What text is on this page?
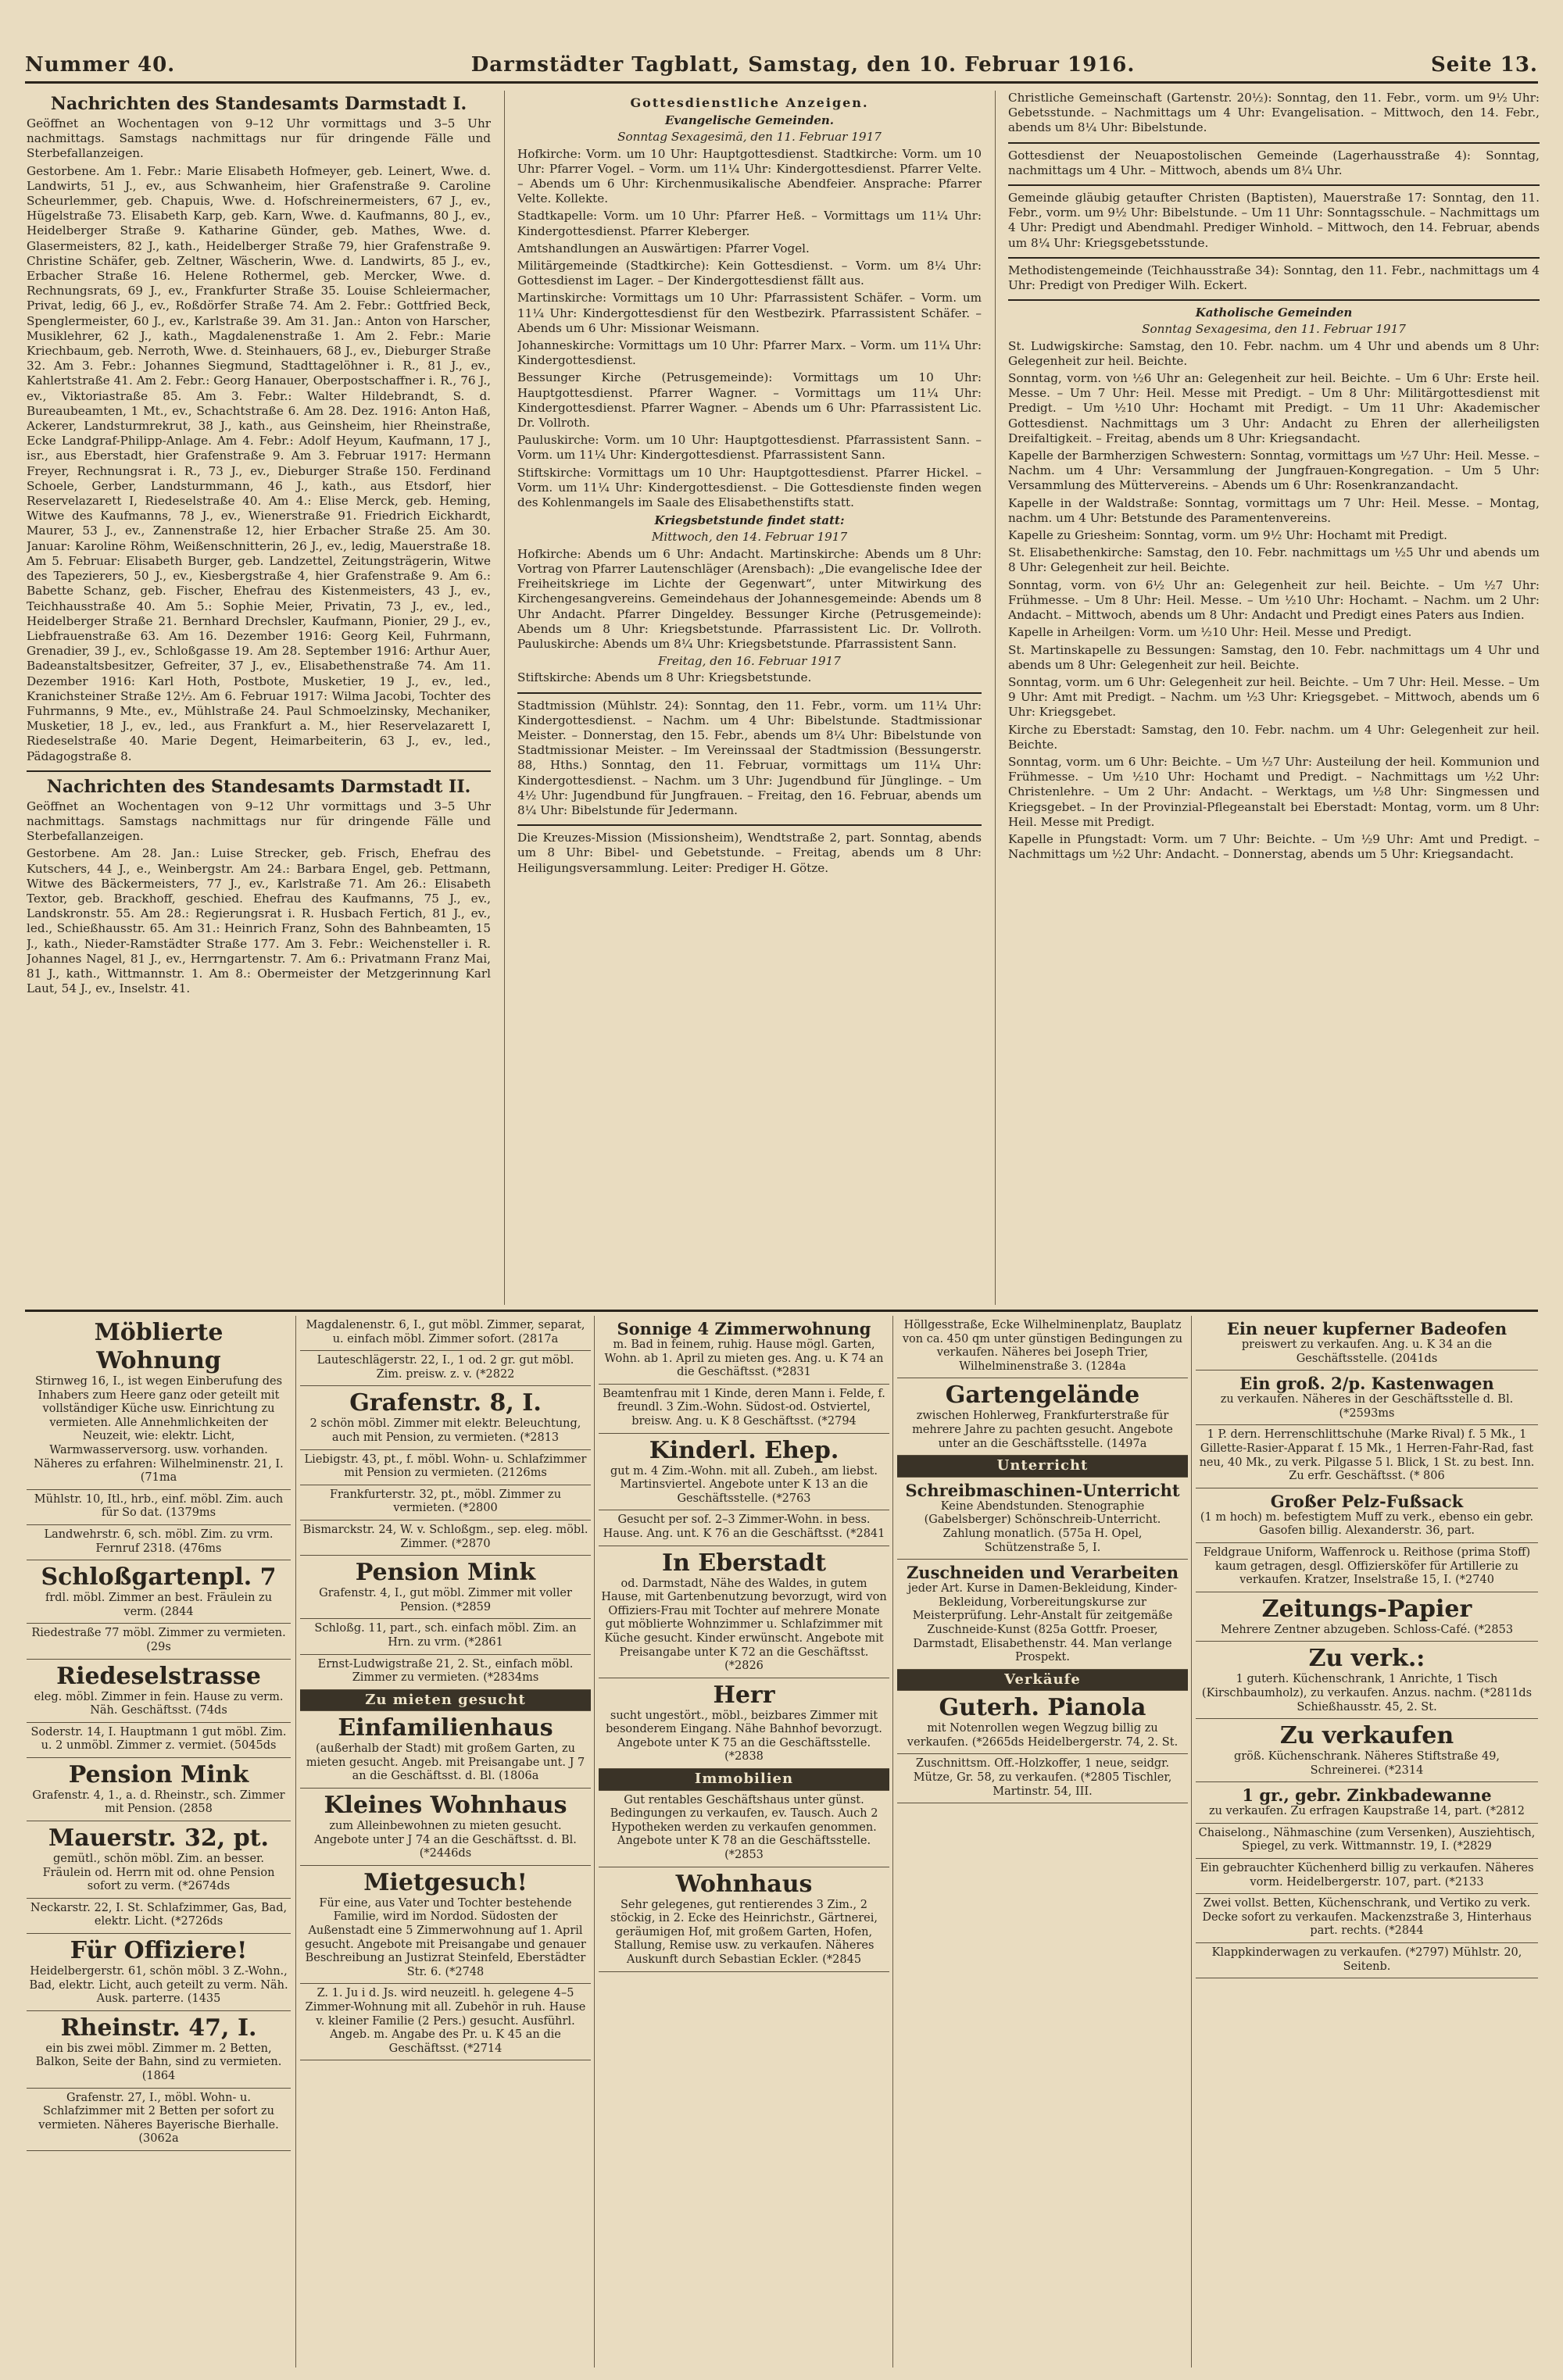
Nummer 40.	Darmstädter Tagblatt, Samstag, den 10. Februar 1916.	Seite 13.
Nachrichten des Standesamts Darmstadt I.

Geöffnet an Wochentagen von 9–12 Uhr vormittags und 3–5 Uhr nachmittags. Samstags nachmittags nur für dringende Fälle und Sterbefallanzeigen.

Gestorbene. Am 1. Febr.: Marie Elisabeth Hofmeyer, geb. Leinert, Wwe. d. Landwirts, 51 J., ev., aus Schwanheim, hier Grafenstraße 9. Caroline Scheurlemmer, geb. Chapuis, Wwe. d. Hofschreinermeisters, 67 J., ev., Hügelstraße 73. Elisabeth Karp, geb. Karn, Wwe. d. Kaufmanns, 80 J., ev., Heidelberger Straße 9. Katharine Günder, geb. Mathes, Wwe. d. Glasermeisters, 82 J., kath., Heidelberger Straße 79, hier Grafenstraße 9. Christine Schäfer, geb. Zeltner, Wäscherin, Wwe. d. Landwirts, 85 J., ev., Erbacher Straße 16. Helene Rothermel, geb. Mercker, Wwe. d. Rechnungsrats, 69 J., ev., Frankfurter Straße 35. Louise Schleiermacher, Privat, ledig, 66 J., ev., Roßdörfer Straße 74. Am 2. Febr.: Gottfried Beck, Spenglermeister, 60 J., ev., Karlstraße 39. Am 31. Jan.: Anton von Harscher, Musiklehrer, 62 J., kath., Magdalenenstraße 1. Am 2. Febr.: Marie Kriechbaum, geb. Nerroth, Wwe. d. Steinhauers, 68 J., ev., Dieburger Straße 32. Am 3. Febr.: Johannes Siegmund, Stadttagelöhner i. R., 81 J., ev., Kahlertstraße 41. Am 2. Febr.: Georg Hanauer, Oberpostschaffner i. R., 76 J., ev., Viktoriastraße 85. Am 3. Febr.: Walter Hildebrandt, S. d. Bureaubeamten, 1 Mt., ev., Schachtstraße 6. Am 28. Dez. 1916: Anton Haß, Ackerer, Landsturmrekrut, 38 J., kath., aus Geinsheim, hier Rheinstraße, Ecke Landgraf-Philipp-Anlage. Am 4. Febr.: Adolf Heyum, Kaufmann, 17 J., isr., aus Eberstadt, hier Grafenstraße 9. Am 3. Februar 1917: Hermann Freyer, Rechnungsrat i. R., 73 J., ev., Dieburger Straße 150. Ferdinand Schoele, Gerber, Landsturmmann, 46 J., kath., aus Etsdorf, hier Reservelazarett I, Riedeselstraße 40. Am 4.: Elise Merck, geb. Heming, Witwe des Kaufmanns, 78 J., ev., Wienerstraße 91. Friedrich Eickhardt, Maurer, 53 J., ev., Zannenstraße 12, hier Erbacher Straße 25. Am 30. Januar: Karoline Röhm, Weißenschnitterin, 26 J., ev., ledig, Mauerstraße 18. Am 5. Februar: Elisabeth Burger, geb. Landzettel, Zeitungsträgerin, Witwe des Tapezierers, 50 J., ev., Kiesbergstraße 4, hier Grafenstraße 9. Am 6.: Babette Schanz, geb. Fischer, Ehefrau des Kistenmeisters, 43 J., ev., Teichhausstraße 40. Am 5.: Sophie Meier, Privatin, 73 J., ev., led., Heidelberger Straße 21. Bernhard Drechsler, Kaufmann, Pionier, 29 J., ev., Liebfrauenstraße 63. Am 16. Dezember 1916: Georg Keil, Fuhrmann, Grenadier, 39 J., ev., Schloßgasse 19. Am 28. September 1916: Arthur Auer, Badeanstaltsbesitzer, Gefreiter, 37 J., ev., Elisabethenstraße 74. Am 11. Dezember 1916: Karl Hoth, Postbote, Musketier, 19 J., ev., led., Kranichsteiner Straße 12½. Am 6. Februar 1917: Wilma Jacobi, Tochter des Fuhrmanns, 9 Mte., ev., Mühlstraße 24. Paul Schmoelzinsky, Mechaniker, Musketier, 18 J., ev., led., aus Frankfurt a. M., hier Reservelazarett I, Riedeselstraße 40. Marie Degent, Heimarbeiterin, 63 J., ev., led., Pädagogstraße 8.

Nachrichten des Standesamts Darmstadt II.

Geöffnet an Wochentagen von 9–12 Uhr vormittags und 3–5 Uhr nachmittags. Samstags nachmittags nur für dringende Fälle und Sterbefallanzeigen.

Gestorbene. Am 28. Jan.: Luise Strecker, geb. Frisch, Ehefrau des Kutschers, 44 J., e., Weinbergstr. Am 24.: Barbara Engel, geb. Pettmann, Witwe des Bäckermeisters, 77 J., ev., Karlstraße 71. Am 26.: Elisabeth Textor, geb. Brackhoff, geschied. Ehefrau des Kaufmanns, 75 J., ev., Landskronstr. 55. Am 28.: Regierungsrat i. R. Husbach Fertich, 81 J., ev., led., Schießhausstr. 65. Am 31.: Heinrich Franz, Sohn des Bahnbeamten, 15 J., kath., Nieder-Ramstädter Straße 177. Am 3. Febr.: Weichensteller i. R. Johannes Nagel, 81 J., ev., Herrngartenstr. 7. Am 6.: Privatmann Franz Mai, 81 J., kath., Wittmannstr. 1. Am 8.: Obermeister der Metzgerinnung Karl Laut, 54 J., ev., Inselstr. 41.

Gottesdienstliche Anzeigen.
Evangelische Gemeinden.

Sonntag Sexagesimä, den 11. Februar 1917

Hofkirche: Vorm. um 10 Uhr: Hauptgottesdienst. Stadtkirche: Vorm. um 10 Uhr: Pfarrer Vogel. – Vorm. um 11¼ Uhr: Kindergottesdienst. Pfarrer Velte. – Abends um 6 Uhr: Kirchenmusikalische Abendfeier. Ansprache: Pfarrer Velte. Kollekte.

Stadtkapelle: Vorm. um 10 Uhr: Pfarrer Heß. – Vormittags um 11¼ Uhr: Kindergottesdienst. Pfarrer Kleberger.

Amtshandlungen an Auswärtigen: Pfarrer Vogel.

Militärgemeinde (Stadtkirche): Kein Gottesdienst. – Vorm. um 8¼ Uhr: Gottesdienst im Lager. – Der Kindergottesdienst fällt aus.

Martinskirche: Vormittags um 10 Uhr: Pfarrassistent Schäfer. – Vorm. um 11¼ Uhr: Kindergottesdienst für den Westbezirk. Pfarrassistent Schäfer. – Abends um 6 Uhr: Missionar Weismann.

Johanneskirche: Vormittags um 10 Uhr: Pfarrer Marx. – Vorm. um 11¼ Uhr: Kindergottesdienst.

Bessunger Kirche (Petrusgemeinde): Vormittags um 10 Uhr: Hauptgottesdienst. Pfarrer Wagner. – Vormittags um 11¼ Uhr: Kindergottesdienst. Pfarrer Wagner. – Abends um 6 Uhr: Pfarrassistent Lic. Dr. Vollroth.

Pauluskirche: Vorm. um 10 Uhr: Hauptgottesdienst. Pfarrassistent Sann. – Vorm. um 11¼ Uhr: Kindergottesdienst. Pfarrassistent Sann.

Stiftskirche: Vormittags um 10 Uhr: Hauptgottesdienst. Pfarrer Hickel. – Vorm. um 11¼ Uhr: Kindergottesdienst. – Die Gottesdienste finden wegen des Kohlenmangels im Saale des Elisabethenstifts statt.

Kriegsbetstunde findet statt:

Mittwoch, den 14. Februar 1917

Hofkirche: Abends um 6 Uhr: Andacht. Martinskirche: Abends um 8 Uhr: Vortrag von Pfarrer Lautenschläger (Arensbach): „Die evangelische Idee der Freiheitskriege im Lichte der Gegenwart“, unter Mitwirkung des Kirchengesangvereins. Gemeindehaus der Johannesgemeinde: Abends um 8 Uhr Andacht. Pfarrer Dingeldey. Bessunger Kirche (Petrusgemeinde): Abends um 8 Uhr: Kriegsbetstunde. Pfarrassistent Lic. Dr. Vollroth. Pauluskirche: Abends um 8¼ Uhr: Kriegsbetstunde. Pfarrassistent Sann.

Freitag, den 16. Februar 1917

Stiftskirche: Abends um 8 Uhr: Kriegsbetstunde.

Stadtmission (Mühlstr. 24): Sonntag, den 11. Febr., vorm. um 11¼ Uhr: Kindergottesdienst. – Nachm. um 4 Uhr: Bibelstunde. Stadtmissionar Meister. – Donnerstag, den 15. Febr., abends um 8¼ Uhr: Bibelstunde von Stadtmissionar Meister. – Im Vereinssaal der Stadtmission (Bessungerstr. 88, Hths.) Sonntag, den 11. Februar, vormittags um 11¼ Uhr: Kindergottesdienst. – Nachm. um 3 Uhr: Jugendbund für Jünglinge. – Um 4½ Uhr: Jugendbund für Jungfrauen. – Freitag, den 16. Februar, abends um 8¼ Uhr: Bibelstunde für Jedermann.

Die Kreuzes-Mission (Missionsheim), Wendtstraße 2, part. Sonntag, abends um 8 Uhr: Bibel- und Gebetstunde. – Freitag, abends um 8 Uhr: Heiligungsversammlung. Leiter: Prediger H. Götze.

Christliche Gemeinschaft (Gartenstr. 20½): Sonntag, den 11. Febr., vorm. um 9½ Uhr: Gebetsstunde. – Nachmittags um 4 Uhr: Evangelisation. – Mittwoch, den 14. Febr., abends um 8¼ Uhr: Bibelstunde.

Gottesdienst der Neuapostolischen Gemeinde (Lagerhausstraße 4): Sonntag, nachmittags um 4 Uhr. – Mittwoch, abends um 8¼ Uhr.

Gemeinde gläubig getaufter Christen (Baptisten), Mauerstraße 17: Sonntag, den 11. Febr., vorm. um 9½ Uhr: Bibelstunde. – Um 11 Uhr: Sonntagsschule. – Nachmittags um 4 Uhr: Predigt und Abendmahl. Prediger Winhold. – Mittwoch, den 14. Februar, abends um 8¼ Uhr: Kriegsgebetsstunde.

Methodistengemeinde (Teichhausstraße 34): Sonntag, den 11. Febr., nachmittags um 4 Uhr: Predigt von Prediger Wilh. Eckert.

Katholische Gemeinden

Sonntag Sexagesima, den 11. Februar 1917

St. Ludwigskirche: Samstag, den 10. Febr. nachm. um 4 Uhr und abends um 8 Uhr: Gelegenheit zur heil. Beichte.

Sonntag, vorm. von ½6 Uhr an: Gelegenheit zur heil. Beichte. – Um 6 Uhr: Erste heil. Messe. – Um 7 Uhr: Heil. Messe mit Predigt. – Um 8 Uhr: Militärgottesdienst mit Predigt. – Um ½10 Uhr: Hochamt mit Predigt. – Um 11 Uhr: Akademischer Gottesdienst. Nachmittags um 3 Uhr: Andacht zu Ehren der allerheiligsten Dreifaltigkeit. – Freitag, abends um 8 Uhr: Kriegsandacht.

Kapelle der Barmherzigen Schwestern: Sonntag, vormittags um ½7 Uhr: Heil. Messe. – Nachm. um 4 Uhr: Versammlung der Jungfrauen-Kongregation. – Um 5 Uhr: Versammlung des Müttervereins. – Abends um 6 Uhr: Rosenkranzandacht.

Kapelle in der Waldstraße: Sonntag, vormittags um 7 Uhr: Heil. Messe. – Montag, nachm. um 4 Uhr: Betstunde des Paramentenvereins.

Kapelle zu Griesheim: Sonntag, vorm. um 9½ Uhr: Hochamt mit Predigt.

St. Elisabethenkirche: Samstag, den 10. Febr. nachmittags um ½5 Uhr und abends um 8 Uhr: Gelegenheit zur heil. Beichte.

Sonntag, vorm. von 6½ Uhr an: Gelegenheit zur heil. Beichte. – Um ½7 Uhr: Frühmesse. – Um 8 Uhr: Heil. Messe. – Um ½10 Uhr: Hochamt. – Nachm. um 2 Uhr: Andacht. – Mittwoch, abends um 8 Uhr: Andacht und Predigt eines Paters aus Indien.

Kapelle in Arheilgen: Vorm. um ½10 Uhr: Heil. Messe und Predigt.

St. Martinskapelle zu Bessungen: Samstag, den 10. Febr. nachmittags um 4 Uhr und abends um 8 Uhr: Gelegenheit zur heil. Beichte.

Sonntag, vorm. um 6 Uhr: Gelegenheit zur heil. Beichte. – Um 7 Uhr: Heil. Messe. – Um 9 Uhr: Amt mit Predigt. – Nachm. um ½3 Uhr: Kriegsgebet. – Mittwoch, abends um 6 Uhr: Kriegsgebet.

Kirche zu Eberstadt: Samstag, den 10. Febr. nachm. um 4 Uhr: Gelegenheit zur heil. Beichte.

Sonntag, vorm. um 6 Uhr: Beichte. – Um ½7 Uhr: Austeilung der heil. Kommunion und Frühmesse. – Um ½10 Uhr: Hochamt und Predigt. – Nachmittags um ½2 Uhr: Christenlehre. – Um 2 Uhr: Andacht. – Werktags, um ½8 Uhr: Singmessen und Kriegsgebet. – In der Provinzial-Pflegeanstalt bei Eberstadt: Montag, vorm. um 8 Uhr: Heil. Messe mit Predigt.

Kapelle in Pfungstadt: Vorm. um 7 Uhr: Beichte. – Um ½9 Uhr: Amt und Predigt. – Nachmittags um ½2 Uhr: Andacht. – Donnerstag, abends um 5 Uhr: Kriegsandacht.

Möblierte Wohnung
Stirnweg 16, I., ist wegen Einberufung des Inhabers zum Heere ganz oder geteilt mit vollständiger Küche usw. Einrichtung zu vermieten. Alle Annehmlichkeiten der Neuzeit, wie: elektr. Licht, Warmwasserversorg. usw. vorhanden. Näheres zu erfahren: Wilhelminenstr. 21, I. (71ma
Mühlstr. 10, Itl., hrb., einf. möbl. Zim. auch für So dat. (1379ms
Landwehrstr. 6, sch. möbl. Zim. zu vrm. Fernruf 2318. (476ms
Schloßgartenpl. 7
frdl. möbl. Zimmer an best. Fräulein zu verm. (2844
Riedestraße 77 möbl. Zimmer zu vermieten. (29s
Riedeselstrasse
eleg. möbl. Zimmer in fein. Hause zu verm. Näh. Geschäftsst. (74ds
Soderstr. 14, I. Hauptmann 1 gut möbl. Zim. u. 2 unmöbl. Zimmer z. vermiet. (5045ds
Pension Mink
Grafenstr. 4, 1., a. d. Rheinstr., sch. Zimmer mit Pension. (2858
Mauerstr. 32, pt.
gemütl., schön möbl. Zim. an besser. Fräulein od. Herrn mit od. ohne Pension sofort zu verm. (*2674ds
Neckarstr. 22, I. St. Schlafzimmer, Gas, Bad, elektr. Licht. (*2726ds
Für Offiziere!
Heidelbergerstr. 61, schön möbl. 3 Z.-Wohn., Bad, elektr. Licht, auch geteilt zu verm. Näh. Ausk. parterre. (1435
Rheinstr. 47, I.
ein bis zwei möbl. Zimmer m. 2 Betten, Balkon, Seite der Bahn, sind zu vermieten. (1864
Grafenstr. 27, I., möbl. Wohn- u. Schlafzimmer mit 2 Betten per sofort zu vermieten. Näheres Bayerische Bierhalle. (3062a
Magdalenenstr. 6, I., gut möbl. Zimmer, separat, u. einfach möbl. Zimmer sofort. (2817a
Lauteschlägerstr. 22, I., 1 od. 2 gr. gut möbl. Zim. preisw. z. v. (*2822
Grafenstr. 8, I.
2 schön möbl. Zimmer mit elektr. Beleuchtung, auch mit Pension, zu vermieten. (*2813
Liebigstr. 43, pt., f. möbl. Wohn- u. Schlafzimmer mit Pension zu vermieten. (2126ms
Frankfurterstr. 32, pt., möbl. Zimmer zu vermieten. (*2800
Bismarckstr. 24, W. v. Schloßgm., sep. eleg. möbl. Zimmer. (*2870
Pension Mink
Grafenstr. 4, I., gut möbl. Zimmer mit voller Pension. (*2859
Schloßg. 11, part., sch. einfach möbl. Zim. an Hrn. zu vrm. (*2861
Ernst-Ludwigstraße 21, 2. St., einfach möbl. Zimmer zu vermieten. (*2834ms
Zu mieten gesucht
Einfamilienhaus
(außerhalb der Stadt) mit großem Garten, zu mieten gesucht. Angeb. mit Preisangabe unt. J 7 an die Geschäftsst. d. Bl. (1806a
Kleines Wohnhaus
zum Alleinbewohnen zu mieten gesucht. Angebote unter J 74 an die Geschäftsst. d. Bl. (*2446ds
Mietgesuch!
Für eine, aus Vater und Tochter bestehende Familie, wird im Nordod. Südosten der Außenstadt eine 5 Zimmerwohnung auf 1. April gesucht. Angebote mit Preisangabe und genauer Beschreibung an Justizrat Steinfeld, Eberstädter Str. 6. (*2748
Z. 1. Ju i d. Js. wird neuzeitl. h. gelegene 4–5 Zimmer-Wohnung mit all. Zubehör in ruh. Hause v. kleiner Familie (2 Pers.) gesucht. Ausführl. Angeb. m. Angabe des Pr. u. K 45 an die Geschäftsst. (*2714
Sonnige 4 Zimmerwohnung
m. Bad in feinem, ruhig. Hause mögl. Garten, Wohn. ab 1. April zu mieten ges. Ang. u. K 74 an die Geschäftsst. (*2831
Beamtenfrau mit 1 Kinde, deren Mann i. Felde, f. freundl. 3 Zim.-Wohn. Südost-od. Ostviertel, breisw. Ang. u. K 8 Geschäftsst. (*2794
Kinderl. Ehep.
gut m. 4 Zim.-Wohn. mit all. Zubeh., am liebst. Martinsviertel. Angebote unter K 13 an die Geschäftsstelle. (*2763
Gesucht per sof. 2–3 Zimmer-Wohn. in bess. Hause. Ang. unt. K 76 an die Geschäftsst. (*2841
In Eberstadt
od. Darmstadt, Nähe des Waldes, in gutem Hause, mit Gartenbenutzung bevorzugt, wird von Offiziers-Frau mit Tochter auf mehrere Monate gut möblierte Wohnzimmer u. Schlafzimmer mit Küche gesucht. Kinder erwünscht. Angebote mit Preisangabe unter K 72 an die Geschäftsst. (*2826
Herr
sucht ungestört., möbl., beizbares Zimmer mit besonderem Eingang. Nähe Bahnhof bevorzugt. Angebote unter K 75 an die Geschäftsstelle. (*2838
Immobilien
Gut rentables Geschäftshaus unter günst. Bedingungen zu verkaufen, ev. Tausch. Auch 2 Hypotheken werden zu verkaufen genommen. Angebote unter K 78 an die Geschäftsstelle. (*2853
Wohnhaus
Sehr gelegenes, gut rentierendes 3 Zim., 2 stöckig, in 2. Ecke des Heinrichstr., Gärtnerei, geräumigen Hof, mit großem Garten, Hofen, Stallung, Remise usw. zu verkaufen. Näheres Auskunft durch Sebastian Eckler. (*2845
Höllgesstraße, Ecke Wilhelminenplatz, Bauplatz von ca. 450 qm unter günstigen Bedingungen zu verkaufen. Näheres bei Joseph Trier, Wilhelminenstraße 3. (1284a
Gartengelände
zwischen Hohlerweg, Frankfurterstraße für mehrere Jahre zu pachten gesucht. Angebote unter an die Geschäftsstelle. (1497a
Unterricht
Schreibmaschinen-Unterricht
Keine Abendstunden. Stenographie (Gabelsberger) Schönschreib-Unterricht. Zahlung monatlich. (575a H. Opel, Schützenstraße 5, I.
Zuschneiden und Verarbeiten
jeder Art. Kurse in Damen-Bekleidung, Kinder-Bekleidung, Vorbereitungskurse zur Meisterprüfung. Lehr-Anstalt für zeitgemäße Zuschneide-Kunst (825a Gottfr. Proeser, Darmstadt, Elisabethenstr. 44. Man verlange Prospekt.
Verkäufe
Guterh. Pianola
mit Notenrollen wegen Wegzug billig zu verkaufen. (*2665ds Heidelbergerstr. 74, 2. St.
Zuschnittsm. Off.-Holzkoffer, 1 neue, seidgr. Mütze, Gr. 58, zu verkaufen. (*2805 Tischler, Martinstr. 54, III.
Ein neuer kupferner Badeofen
preiswert zu verkaufen. Ang. u. K 34 an die Geschäftsstelle. (2041ds
Ein groß. 2/p. Kastenwagen
zu verkaufen. Näheres in der Geschäftsstelle d. Bl. (*2593ms
1 P. dern. Herrenschlittschuhe (Marke Rival) f. 5 Mk., 1 Gillette-Rasier-Apparat f. 15 Mk., 1 Herren-Fahr-Rad, fast neu, 40 Mk., zu verk. Pilgasse 5 l. Blick, 1 St. zu best. Inn. Zu erfr. Geschäftsst. (* 806
Großer Pelz-Fußsack
(1 m hoch) m. befestigtem Muff zu verk., ebenso ein gebr. Gasofen billig. Alexanderstr. 36, part.
Feldgraue Uniform, Waffenrock u. Reithose (prima Stoff) kaum getragen, desgl. Offiziersköfer für Artillerie zu verkaufen. Kratzer, Inselstraße 15, I. (*2740
Zeitungs-Papier
Mehrere Zentner abzugeben. Schloss-Café. (*2853
Zu verk.:
1 guterh. Küchenschrank, 1 Anrichte, 1 Tisch (Kirschbaumholz), zu verkaufen. Anzus. nachm. (*2811ds Schießhausstr. 45, 2. St.
Zu verkaufen
größ. Küchenschrank. Näheres Stiftstraße 49, Schreinerei. (*2314
1 gr., gebr. Zinkbadewanne
zu verkaufen. Zu erfragen Kaupstraße 14, part. (*2812
Chaiselong., Nähmaschine (zum Versenken), Ausziehtisch, Spiegel, zu verk. Wittmannstr. 19, I. (*2829
Ein gebrauchter Küchenherd billig zu verkaufen. Näheres vorm. Heidelbergerstr. 107, part. (*2133
Zwei vollst. Betten, Küchenschrank, und Vertiko zu verk. Decke sofort zu verkaufen. Mackenzstraße 3, Hinterhaus part. rechts. (*2844
Klappkinderwagen zu verkaufen. (*2797) Mühlstr. 20, Seitenb.
